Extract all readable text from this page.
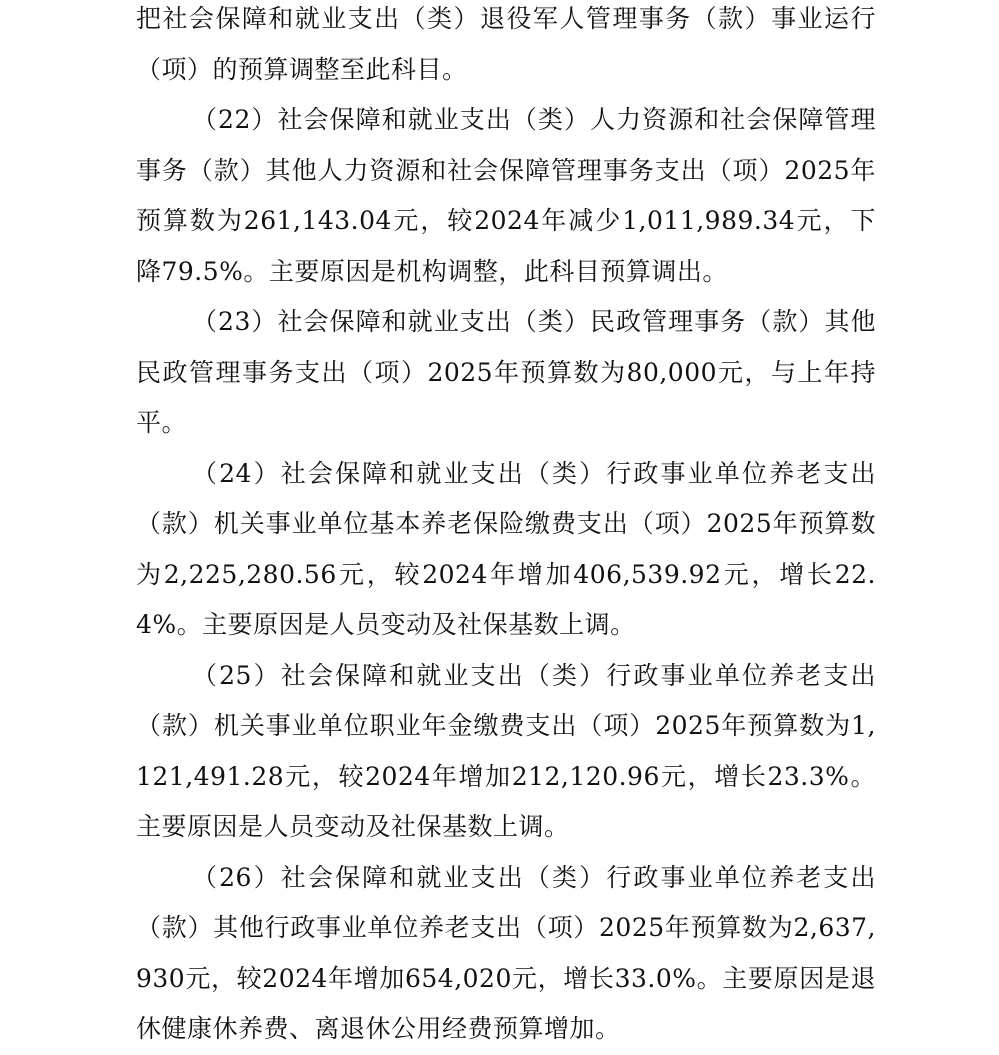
把社会保障和就业支出（类）退役军人管理事务（款）事业运行（项）的预算调整至此科目。

（22）社会保障和就业支出（类）人力资源和社会保障管理事务（款）其他人力资源和社会保障管理事务支出（项）2025年预算数为261,143.04元，较2024年减少1,011,989.34元，下降79.5%。主要原因是机构调整，此科目预算调出。

（23）社会保障和就业支出（类）民政管理事务（款）其他民政管理事务支出（项）2025年预算数为80,000元，与上年持平。

（24）社会保障和就业支出（类）行政事业单位养老支出（款）机关事业单位基本养老保险缴费支出（项）2025年预算数为2,225,280.56元，较2024年增加406,539.92元，增长22.4%。主要原因是人员变动及社保基数上调。

（25）社会保障和就业支出（类）行政事业单位养老支出（款）机关事业单位职业年金缴费支出（项）2025年预算数为1,121,491.28元，较2024年增加212,120.96元，增长23.3%。主要原因是人员变动及社保基数上调。

（26）社会保障和就业支出（类）行政事业单位养老支出（款）其他行政事业单位养老支出（项）2025年预算数为2,637,930元，较2024年增加654,020元，增长33.0%。主要原因是退休健康休养费、离退休公用经费预算增加。
